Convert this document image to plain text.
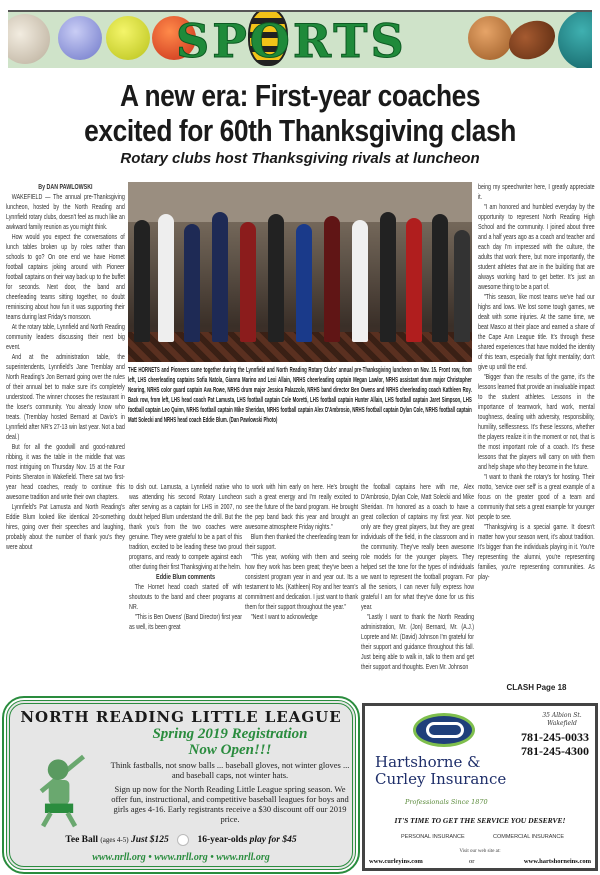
SPORTS
A new era: First-year coaches
excited for 60th Thanksgiving clash
Rotary clubs host Thanksgiving rivals at luncheon

By DAN PAWLOWSKI

WAKEFIELD — The annual pre-Thanksgiving luncheon, hosted by the North Reading and Lynnfield rotary clubs, doesn't feel as much like an awkward family reunion as you might think.

How would you expect the conversations of lunch tables broken up by roles rather than schools to go? On one end we have Hornet football captains joking around with Pioneer football captains on their way back up to the buffet for seconds. Next door, the band and cheerleading teams sitting together, no doubt reminiscing about how fun it was supporting their teams during last Friday's monsoon.

At the rotary table, Lynnfield and North Reading community leaders discussing their next big event.

And at the administration table, the superintendents, Lynnfield's Jane Tremblay and North Reading's Jon Bernard going over the rules of their annual bet to make sure it's completely understood. The winner chooses the restaurant in the loser's community. You already know who treats. (Tremblay hosted Bernard at Davio's in Lynnfield after NR's 27-13 win last year. Not a bad deal.)

But for all the goodwill and good-natured ribbing, it was the table in the middle that was most intriguing on Thursday Nov. 15 at the Four Points Sheraton in Wakefield. There sat two first-year head coaches, ready to continue this awesome tradition and write their own chapters.

Lynnfield's Pat Lamusta and North Reading's Eddie Blum looked like identical 20-something hires, going over their speeches and laughing, probably about the number of thank you's they were about

THE HORNETS and Pioneers came together during the Lynnfield and North Reading Rotary Clubs' annual pre-Thanksgiving luncheon on Nov. 15. Front row, from left, LHS cheerleading captains Sofia Natola, Gianna Marino and Lexi Allain, NRHS cheerleading captain Megan Lawlor, NRHS assistant drum major Christopher Nearing, NRHS color guard captain Ava Rowe, NRHS drum major Jessica Palazzolo, NRHS band director Ben Owens and NRHS cheerleading coach Kathleen Roy. Back row, from left, LHS head coach Pat Lamusta, LHS football captain Cole Moretti, LHS football captain Hunter Allain, LHS football captain Jaret Simpson, LHS football captain Leo Quinn, NRHS football captain Mike Sheridan, NRHS football captain Alex D'Ambrosio, NRHS football captain Dylan Cole, NRHS football captain Matt Solecki and NRHS head coach Eddie Blum. (Dan Pawlowski Photo)

to dish out. Lamusta, a Lynnfield native who was attending his second Rotary Luncheon after serving as a captain for LHS in 2007, no doubt helped Blum understand the drill. But the thank you's from the two coaches were genuine. They were grateful to be a part of this tradition, excited to be leading these two proud programs, and ready to compete against each other during their first Thanksgiving at the helm.

Eddie Blum comments

The Hornet head coach started off with shoutouts to the band and cheer programs at NR.

"This is Ben Owens' (Band Director) first year as well, its been great

to work with him early on here. He's brought such a great energy and I'm really excited to see the future of the band program. He brought the pep band back this year and brought an awesome atmosphere Friday nights."

Blum then thanked the cheerleading team for their support.

"This year, working with them and seeing how they work has been great; they've been a consistent program year in and year out. Its a testament to Ms. (Kathleen) Roy and her team's commitment and dedication. I just want to thank them for their support throughout the year."

"Next I want to acknowledge

the football captains here with me, Alex D'Ambrosio, Dylan Cole, Matt Solecki and Mike Sheridan. I'm honored as a coach to have a great collection of captains my first year. Not only are they great players, but they are great individuals off the field, in the classroom and in the community. They've really been awesome role models for the younger players. They helped set the tone for the types of individuals we want to represent the football program. For all the seniors, I can never fully express how grateful I am for what they've done for us this year.

"Lastly I want to thank the North Reading administration, Mr. (Jon) Bernard, Mr. (A.J.) Loprete and Mr. (David) Johnson I'm grateful for their support and guidance throughout this fall. Just being able to walk in, talk to them and get their support and thoughts. Even Mr. Johnson

being my speechwriter here, I greatly appreciate it.

"I am honored and humbled everyday by the opportunity to represent North Reading High School and the community. I joined about three and a half years ago as a coach and teacher and each day I'm impressed with the culture, the adults that work there, but more importantly, the student athletes that are in the building that are always working hard to get better. It's just an awesome thing to be a part of.

"This season, like most teams we've had our highs and lows. We lost some tough games, we dealt with some injuries. At the same time, we beat Masco at their place and earned a share of the Cape Ann League title. It's through these shared experiences that have molded the identity of this team, especially that fight mentality; don't give up until the end.

"Bigger than the results of the game, it's the lessons learned that provide an invaluable impact to the student athletes. Lessons in the importance of teamwork, hard work, mental toughness, dealing with adversity, responsibility, humility, selflessness. It's these lessons, whether the players realize it in the moment or not, that is the most important role of a coach. It's these lessons that the players will carry on with them and help shape who they become in the future.

"I want to thank the rotary's for hosting. Their motto, 'service over self' is a great example of a focus on the greater good of a team and community that sets a great example for younger people to see.

"Thanksgiving is a special game. It doesn't matter how your season went, it's about tradition. It's bigger than the individuals playing in it. You're representing the alumni, you're representing families, you're representing communities. As play-

CLASH Page 18
NORTH READING LITTLE LEAGUE
Spring 2019 Registration
Now Open!!!
Think fastballs, not snow balls ... baseball gloves, not winter gloves ... and baseball caps, not winter hats.
Sign up now for the North Reading Little League spring season. We offer fun, instructional, and competitive baseball leagues for boys and girls ages 4-16. Early registrants receive a $30 discount off our 2019 price.
Tee Ball (ages 4-5) Just $125	16-year-olds play for $45
www.nrll.org • www.nrll.org • www.nrll.org
Hartshorne &
Curley Insurance
Professionals Since 1870
35 Albion St.
Wakefield
781-245-0033
781-245-4300
IT'S TIME TO GET THE SERVICE YOU DESERVE!
PERSONAL INSURANCE	COMMERCIAL INSURANCE
Visit our web site at:
www.curleyins.com	or	www.hartshorneins.com
